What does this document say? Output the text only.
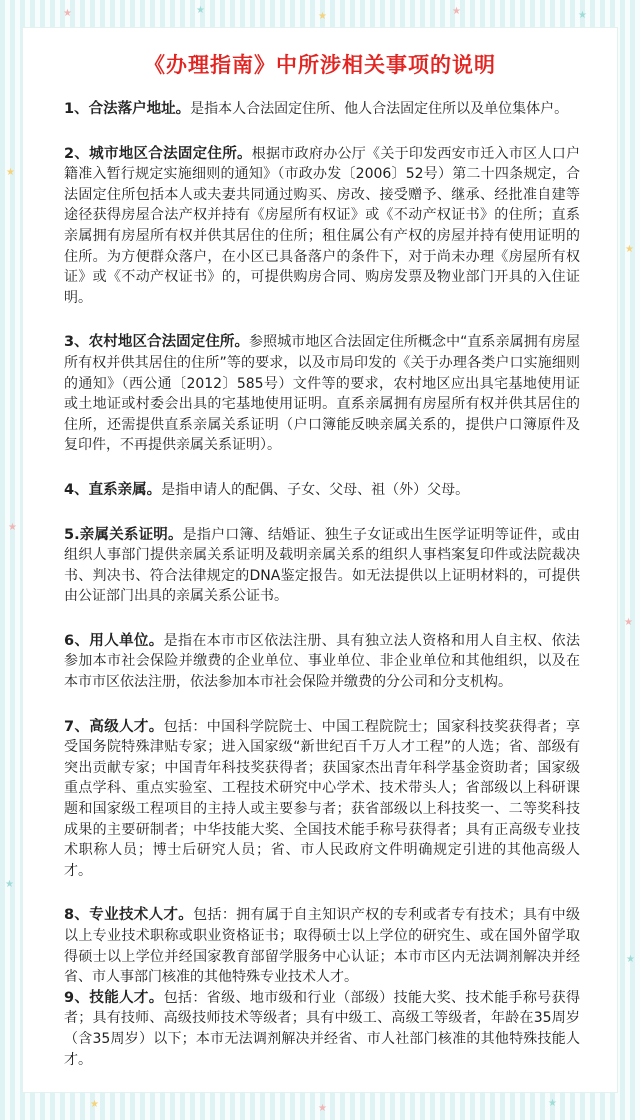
★	★
★	★	★
★
★
★
★
★
★
★	★	★
《办理指南》中所涉相关事项的说明

1、合法落户地址。是指本人合法固定住所、他人合法固定住所以及单位集体户。

2、城市地区合法固定住所。根据市政府办公厅《关于印发西安市迁入市区人口户籍准入暂行规定实施细则的通知》（市政办发〔2006〕52号）第二十四条规定，合法固定住所包括本人或夫妻共同通过购买、房改、接受赠予、继承、经批准自建等途径获得房屋合法产权并持有《房屋所有权证》或《不动产权证书》的住所；直系亲属拥有房屋所有权并供其居住的住所；租住属公有产权的房屋并持有使用证明的住所。为方便群众落户，在小区已具备落户的条件下，对于尚未办理《房屋所有权证》或《不动产权证书》的，可提供购房合同、购房发票及物业部门开具的入住证明。

3、农村地区合法固定住所。参照城市地区合法固定住所概念中“直系亲属拥有房屋所有权并供其居住的住所”等的要求，以及市局印发的《关于办理各类户口实施细则的通知》（西公通〔2012〕585号）文件等的要求，农村地区应出具宅基地使用证或土地证或村委会出具的宅基地使用证明。直系亲属拥有房屋所有权并供其居住的住所，还需提供直系亲属关系证明（户口簿能反映亲属关系的，提供户口簿原件及复印件，不再提供亲属关系证明）。

4、直系亲属。是指申请人的配偶、子女、父母、祖（外）父母。

5.亲属关系证明。是指户口簿、结婚证、独生子女证或出生医学证明等证件，或由组织人事部门提供亲属关系证明及载明亲属关系的组织人事档案复印件或法院裁决书、判决书、符合法律规定的DNA鉴定报告。如无法提供以上证明材料的，可提供由公证部门出具的亲属关系公证书。

6、用人单位。是指在本市市区依法注册、具有独立法人资格和用人自主权、依法参加本市社会保险并缴费的企业单位、事业单位、非企业单位和其他组织，以及在本市市区依法注册，依法参加本市社会保险并缴费的分公司和分支机构。

7、高级人才。包括：中国科学院院士、中国工程院院士；国家科技奖获得者；享受国务院特殊津贴专家；进入国家级“新世纪百千万人才工程”的人选；省、部级有突出贡献专家；中国青年科技奖获得者；获国家杰出青年科学基金资助者；国家级重点学科、重点实验室、工程技术研究中心学术、技术带头人；省部级以上科研课题和国家级工程项目的主持人或主要参与者；获省部级以上科技奖一、二等奖科技成果的主要研制者；中华技能大奖、全国技术能手称号获得者；具有正高级专业技术职称人员；博士后研究人员；省、市人民政府文件明确规定引进的其他高级人才。

8、专业技术人才。包括：拥有属于自主知识产权的专利或者专有技术；具有中级以上专业技术职称或职业资格证书；取得硕士以上学位的研究生、或在国外留学取得硕士以上学位并经国家教育部留学服务中心认证；本市市区内无法调剂解决并经省、市人事部门核准的其他特殊专业技术人才。

9、技能人才。包括：省级、地市级和行业（部级）技能大奖、技术能手称号获得者；具有技师、高级技师技术等级者；具有中级工、高级工等级者，年龄在35周岁（含35周岁）以下；本市无法调剂解决并经省、市人社部门核准的其他特殊技能人才。
